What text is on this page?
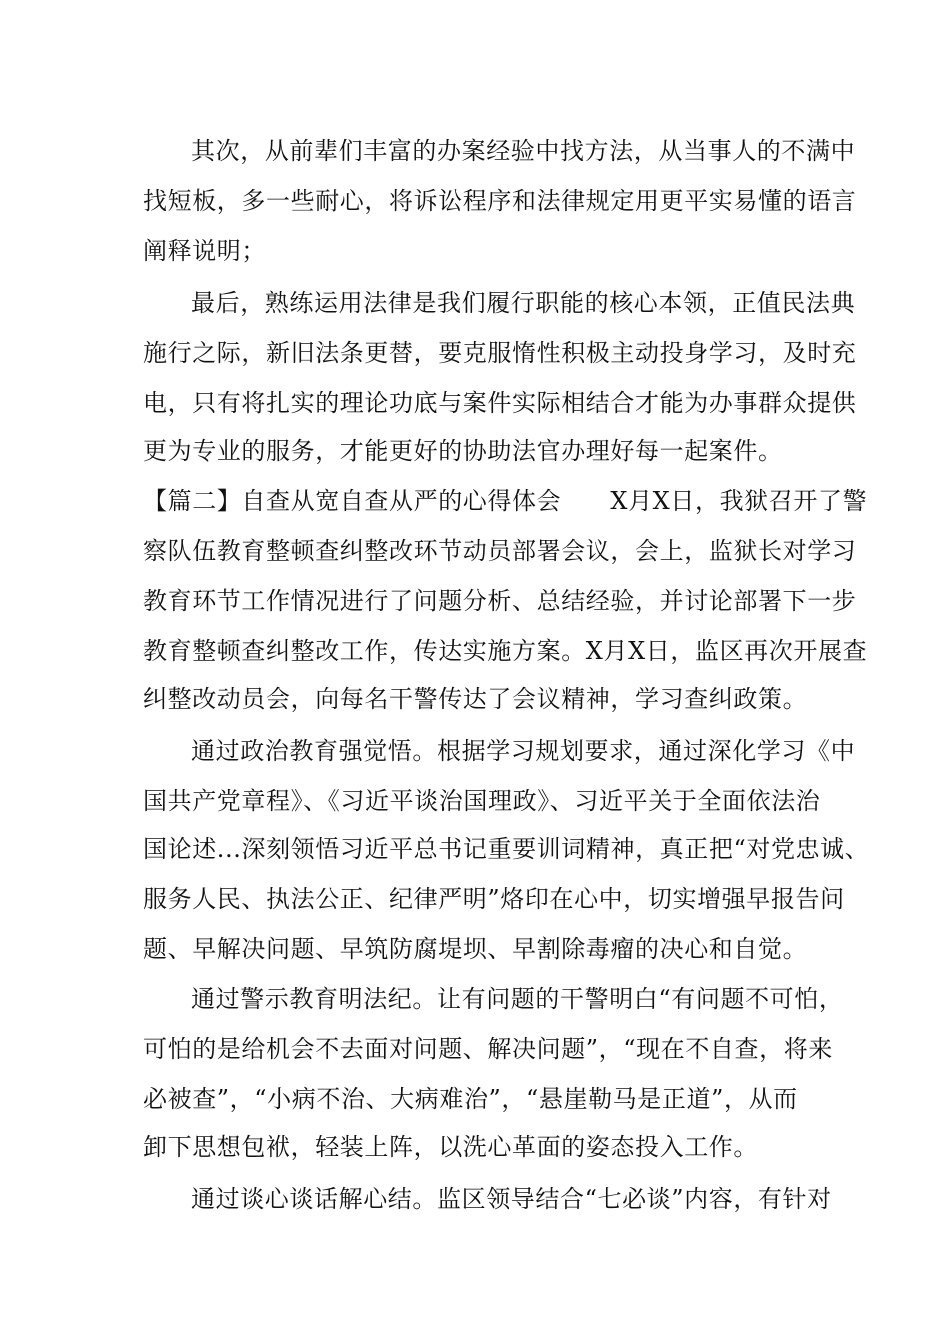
其次，从前辈们丰富的办案经验中找方法，从当事人的不满中
找短板，多一些耐心，将诉讼程序和法律规定用更平实易懂的语言
阐释说明；
最后，熟练运用法律是我们履行职能的核心本领，正值民法典
施行之际，新旧法条更替，要克服惰性积极主动投身学习，及时充
电，只有将扎实的理论功底与案件实际相结合才能为办事群众提供
更为专业的服务，才能更好的协助法官办理好每一起案件。
【篇二】自查从宽自查从严的心得体会　　X月X日，我狱召开了警
察队伍教育整顿查纠整改环节动员部署会议，会上，监狱长对学习
教育环节工作情况进行了问题分析、总结经验，并讨论部署下一步
教育整顿查纠整改工作，传达实施方案。X月X日，监区再次开展查
纠整改动员会，向每名干警传达了会议精神，学习查纠政策。
通过政治教育强觉悟。根据学习规划要求，通过深化学习《中
国共产党章程》、《习近平谈治国理政》、习近平关于全面依法治
国论述...深刻领悟习近平总书记重要训词精神，真正把“对党忠诚、
服务人民、执法公正、纪律严明”烙印在心中，切实增强早报告问
题、早解决问题、早筑防腐堤坝、早割除毒瘤的决心和自觉。
通过警示教育明法纪。让有问题的干警明白“有问题不可怕，
可怕的是给机会不去面对问题、解决问题”，“现在不自查，将来
必被查”，“小病不治、大病难治”，“悬崖勒马是正道”，从而
卸下思想包袱，轻装上阵，以洗心革面的姿态投入工作。
通过谈心谈话解心结。监区领导结合“七必谈”内容，有针对
